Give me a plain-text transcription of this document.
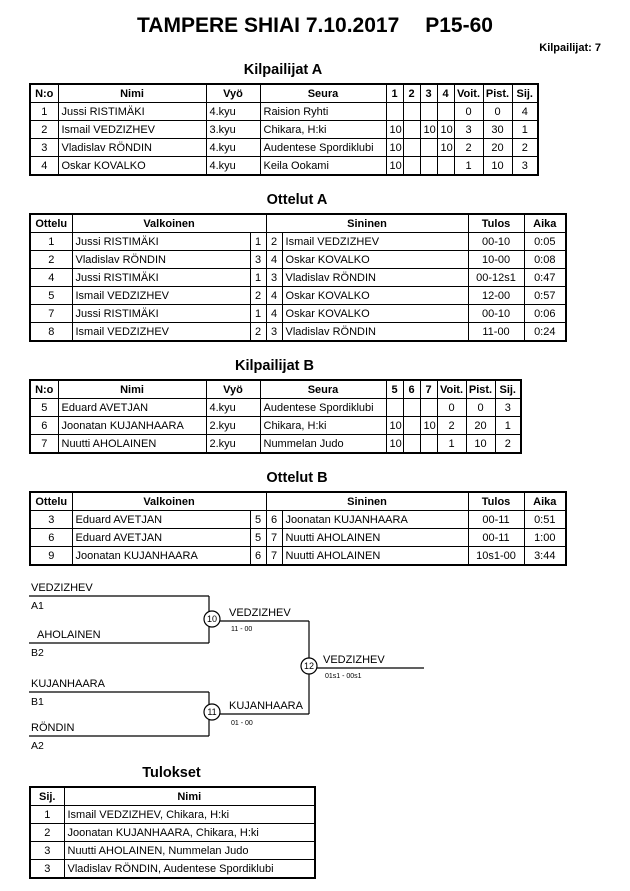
TAMPERE SHIAI 7.10.2017 P15-60
Kilpailijat: 7
Kilpailijat A
N:o	Nimi	Vyö	Seura	1	2	3	4	Voit.	Pist.	Sij.
1	Jussi RISTIMÄKI	4.kyu	Raision Ryhti					0	0	4
2	Ismail VEDZIZHEV	3.kyu	Chikara, H:ki	10		10	10	3	30	1
3	Vladislav RÖNDIN	4.kyu	Audentese Spordiklubi	10			10	2	20	2
4	Oskar KOVALKO	4.kyu	Keila Ookami	10				1	10	3
Ottelut A
Ottelu	Valkoinen		Sininen		Tulos	Aika
1	Jussi RISTIMÄKI	1	2	Ismail VEDZIZHEV	00-10	0:05
2	Vladislav RÖNDIN	3	4	Oskar KOVALKO	10-00	0:08
4	Jussi RISTIMÄKI	1	3	Vladislav RÖNDIN	00-12s1	0:47
5	Ismail VEDZIZHEV	2	4	Oskar KOVALKO	12-00	0:57
7	Jussi RISTIMÄKI	1	4	Oskar KOVALKO	00-10	0:06
8	Ismail VEDZIZHEV	2	3	Vladislav RÖNDIN	11-00	0:24
Kilpailijat B
N:o	Nimi	Vyö	Seura	5	6	7	Voit.	Pist.	Sij.
5	Eduard AVETJAN	4.kyu	Audentese Spordiklubi				0	0	3
6	Joonatan KUJANHAARA	2.kyu	Chikara, H:ki	10		10	2	20	1
7	Nuutti AHOLAINEN	2.kyu	Nummelan Judo	10			1	10	2
Ottelut B
Ottelu	Valkoinen		Sininen		Tulos	Aika
3	Eduard AVETJAN	5	6	Joonatan KUJANHAARA	00-11	0:51
6	Eduard AVETJAN	5	7	Nuutti AHOLAINEN	00-11	1:00
9	Joonatan KUJANHAARA	6	7	Nuutti AHOLAINEN	10s1-00	3:44
VEDZIZHEV
A1
AHOLAINEN
B2
10 VEDZIZHEV
11 - 00
KUJANHAARA
B1
RÖNDIN
A2
11 KUJANHAARA
01 - 00
12 VEDZIZHEV
01s1 - 00s1
Tulokset
Sij.	Nimi
1	Ismail VEDZIZHEV, Chikara, H:ki
2	Joonatan KUJANHAARA, Chikara, H:ki
3	Nuutti AHOLAINEN, Nummelan Judo
3	Vladislav RÖNDIN, Audentese Spordiklubi
